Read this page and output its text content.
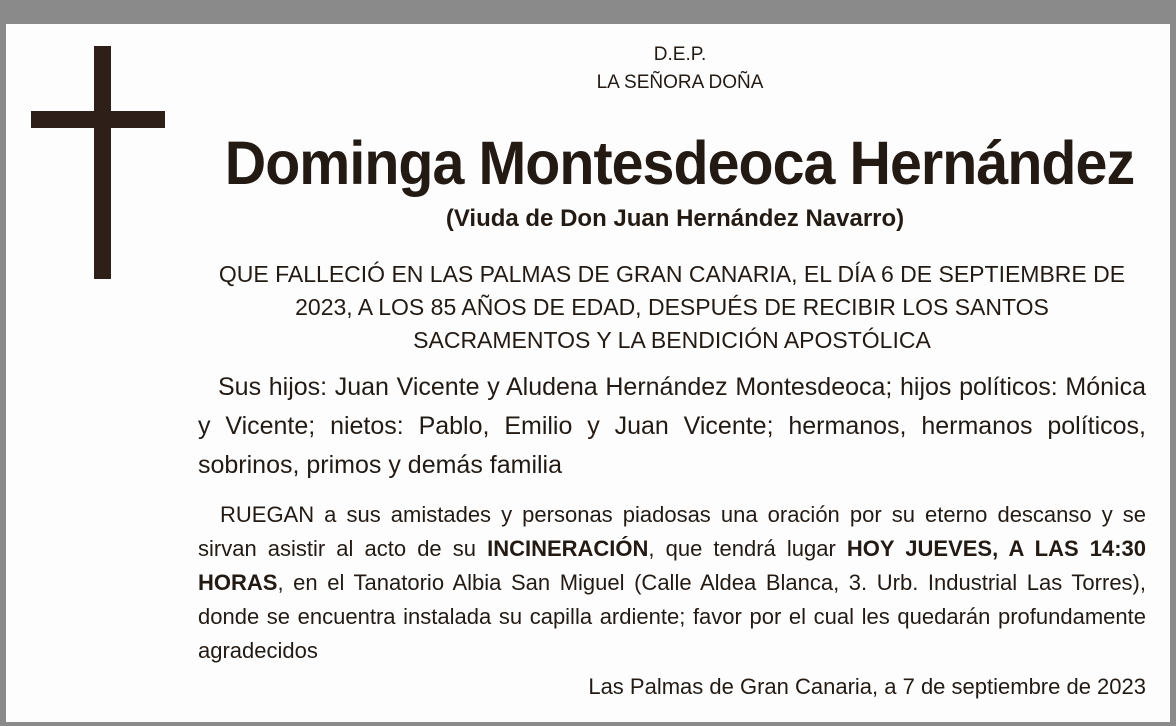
D.E.P.
LA SEÑORA DOÑA
Dominga Montesdeoca Hernández
(Viuda de Don Juan Hernández Navarro)
QUE FALLECIÓ EN LAS PALMAS DE GRAN CANARIA, EL DÍA 6 DE SEPTIEMBRE DE
2023, A LOS 85 AÑOS DE EDAD, DESPUÉS DE RECIBIR LOS SANTOS
SACRAMENTOS Y LA BENDICIÓN APOSTÓLICA
Sus hijos: Juan Vicente y Aludena Hernández Montesdeoca; hijos políticos: Mónica y Vicente; nietos: Pablo, Emilio y Juan Vicente; hermanos, hermanos políticos, sobrinos, primos y demás familia
RUEGAN a sus amistades y personas piadosas una oración por su eterno descanso y se sirvan asistir al acto de su INCINERACIÓN, que tendrá lugar HOY JUEVES, A LAS 14:30 HORAS, en el Tanatorio Albia San Miguel (Calle Aldea Blanca, 3. Urb. Industrial Las Torres), donde se encuentra instalada su capilla ardiente; favor por el cual les quedarán profundamente agradecidos
Las Palmas de Gran Canaria, a 7 de septiembre de 2023
